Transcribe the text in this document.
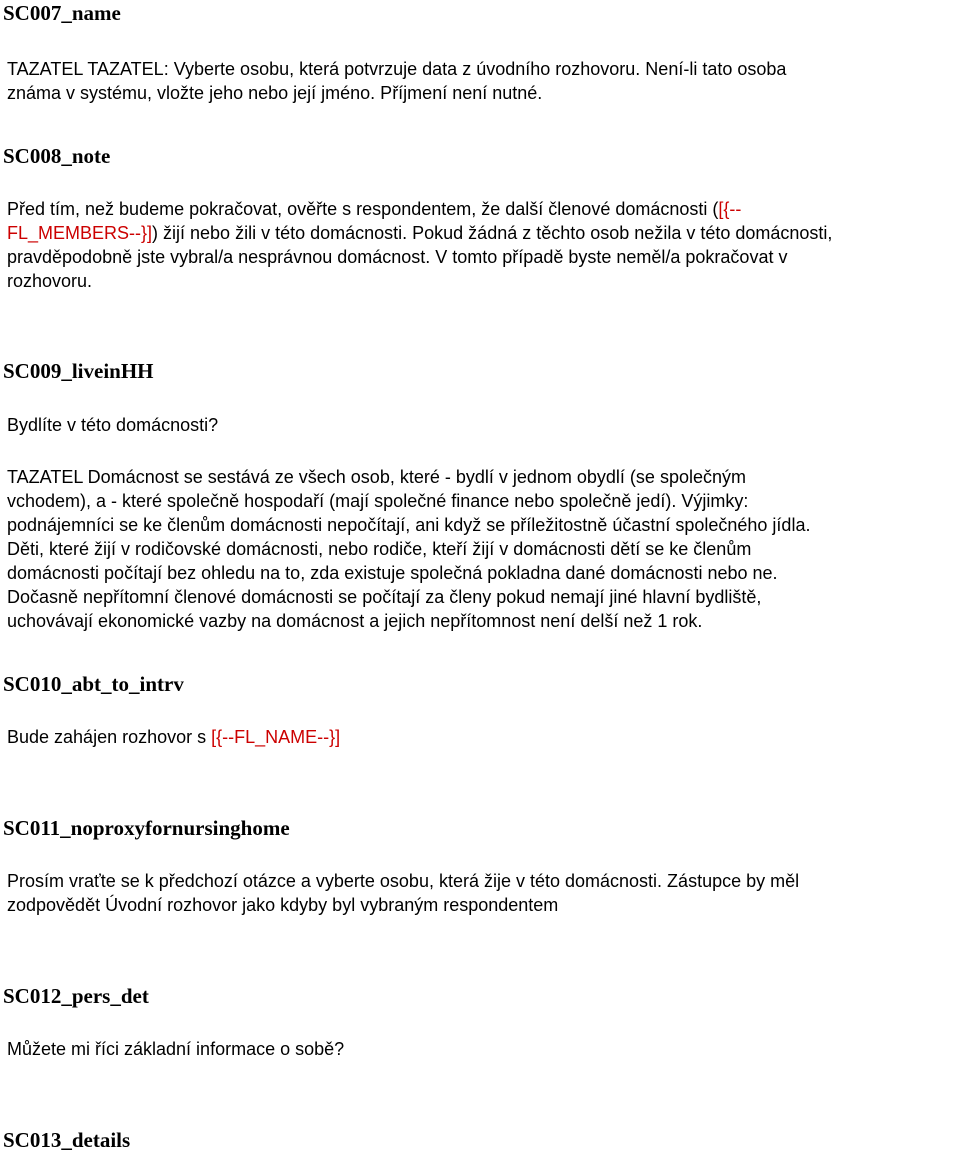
SC007_name

TAZATEL TAZATEL: Vyberte osobu, která potvrzuje data z úvodního rozhovoru. Není-li tato osoba
známa v systému, vložte jeho nebo její jméno. Příjmení není nutné.

SC008_note

Před tím, než budeme pokračovat, ověřte s respondentem, že další členové domácnosti ([{--
FL_MEMBERS--}]) žijí nebo žili v této domácnosti. Pokud žádná z těchto osob nežila v této domácnosti,
pravděpodobně jste vybral/a nesprávnou domácnost. V tomto případě byste neměl/a pokračovat v
rozhovoru.

SC009_liveinHH

Bydlíte v této domácnosti?

TAZATEL Domácnost se sestává ze všech osob, které - bydlí v jednom obydlí (se společným
vchodem), a - které společně hospodaří (mají společné finance nebo společně jedí). Výjimky:
podnájemníci se ke členům domácnosti nepočítají, ani když se příležitostně účastní společného jídla.
Děti, které žijí v rodičovské domácnosti, nebo rodiče, kteří žijí v domácnosti dětí se ke členům
domácnosti počítají bez ohledu na to, zda existuje společná pokladna dané domácnosti nebo ne.
Dočasně nepřítomní členové domácnosti se počítají za členy pokud nemají jiné hlavní bydliště,
uchovávají ekonomické vazby na domácnost a jejich nepřítomnost není delší než 1 rok.

SC010_abt_to_intrv

Bude zahájen rozhovor s [{--FL_NAME--}]

SC011_noproxyfornursinghome

Prosím vraťte se k předchozí otázce a vyberte osobu, která žije v této domácnosti. Zástupce by měl
zodpovědět Úvodní rozhovor jako kdyby byl vybraným respondentem

SC012_pers_det

Můžete mi říci základní informace o sobě?

SC013_details
